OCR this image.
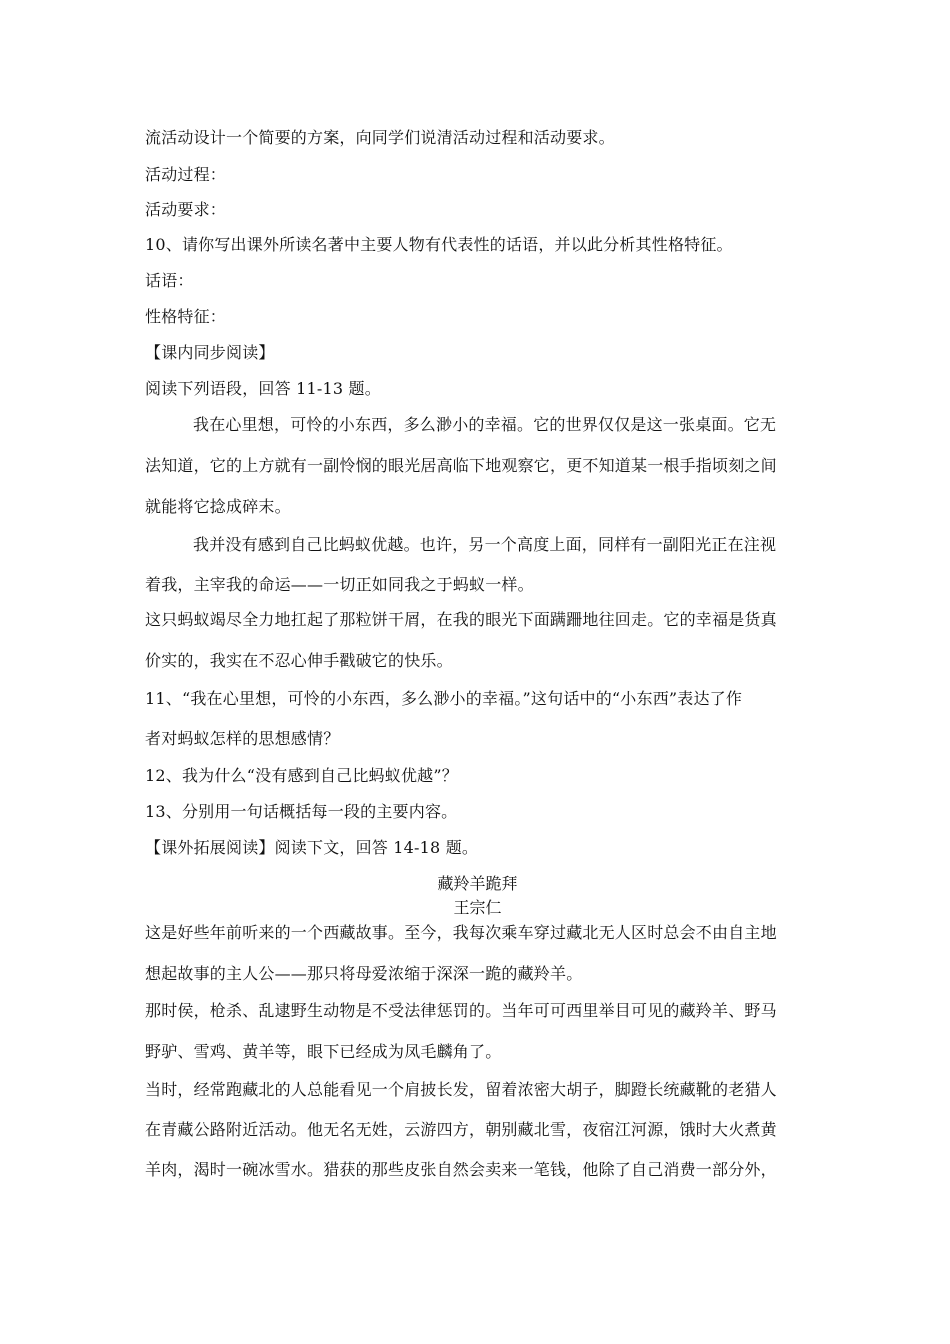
流活动设计一个简要的方案，向同学们说清活动过程和活动要求。
活动过程：
活动要求：
10、请你写出课外所读名著中主要人物有代表性的话语，并以此分析其性格特征。
话语：
性格特征：
【课内同步阅读】
阅读下列语段，回答 11-13 题。
我在心里想，可怜的小东西，多么渺小的幸福。它的世界仅仅是这一张桌面。它无
法知道，它的上方就有一副怜悯的眼光居高临下地观察它，更不知道某一根手指顷刻之间
就能将它捻成碎末。
我并没有感到自己比蚂蚁优越。也许，另一个高度上面，同样有一副阳光正在注视
着我，主宰我的命运——一切正如同我之于蚂蚁一样。
这只蚂蚁竭尽全力地扛起了那粒饼干屑，在我的眼光下面蹒跚地往回走。它的幸福是货真
价实的，我实在不忍心伸手戳破它的快乐。
11、“我在心里想，可怜的小东西，多么渺小的幸福。”这句话中的“小东西”表达了作
者对蚂蚁怎样的思想感情？
12、我为什么“没有感到自己比蚂蚁优越”？
13、分别用一句话概括每一段的主要内容。
【课外拓展阅读】阅读下文，回答 14-18 题。
藏羚羊跪拜
王宗仁
这是好些年前听来的一个西藏故事。至今，我每次乘车穿过藏北无人区时总会不由自主地
想起故事的主人公——那只将母爱浓缩于深深一跪的藏羚羊。
那时侯，枪杀、乱逮野生动物是不受法律惩罚的。当年可可西里举目可见的藏羚羊、野马
野驴、雪鸡、黄羊等，眼下已经成为凤毛麟角了。
当时，经常跑藏北的人总能看见一个肩披长发，留着浓密大胡子，脚蹬长统藏靴的老猎人
在青藏公路附近活动。他无名无姓，云游四方，朝别藏北雪，夜宿江河源，饿时大火煮黄
羊肉，渴时一碗冰雪水。猎获的那些皮张自然会卖来一笔钱，他除了自己消费一部分外，
